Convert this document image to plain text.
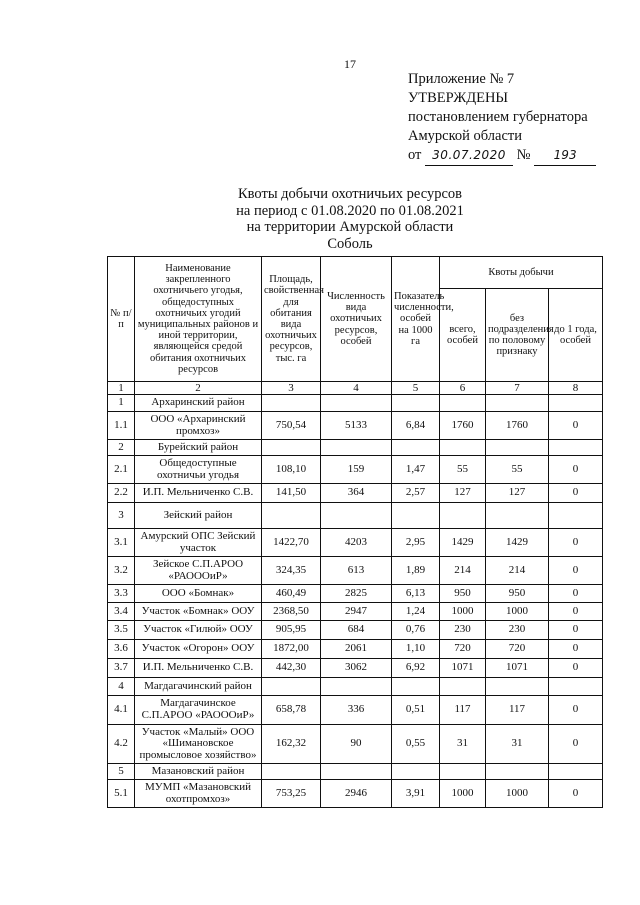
17
Приложение № 7
УТВЕРЖДЕНЫ
постановлением губернатора
Амурской области
от 30.07.2020 № 193
Квоты добычи охотничьих ресурсов
на период с 01.08.2020 по 01.08.2021
на территории Амурской области
Соболь
№ п/п	Наименование закрепленного охотничьего угодья, общедоступных охотничьих угодий муниципальных районов и иной территории, являющейся средой обитания охотничьих ресурсов	Площадь, свойственная для обитания вида охотничьих ресурсов, тыс. га	Численность вида охотничьих ресурсов, особей	Показатель численности, особей на 1000 га	Квоты добычи		
					всего, особей	без подразделения по половому признаку	до 1 года, особей
1	2	3	4	5	6	7	8
1	Архаринский район						
1.1	ООО «Архаринский промхоз»	750,54	5133	6,84	1760	1760	0
2	Бурейский район						
2.1	Общедоступные охотничьи угодья	108,10	159	1,47	55	55	0
2.2	И.П. Мельниченко С.В.	141,50	364	2,57	127	127	0
3	Зейский район						
3.1	Амурский ОПС Зейский участок	1422,70	4203	2,95	1429	1429	0
3.2	Зейское С.П.АРОО «РАОООиР»	324,35	613	1,89	214	214	0
3.3	ООО «Бомнак»	460,49	2825	6,13	950	950	0
3.4	Участок «Бомнак» ООУ	2368,50	2947	1,24	1000	1000	0
3.5	Участок «Гилюй» ООУ	905,95	684	0,76	230	230	0
3.6	Участок «Огорон» ООУ	1872,00	2061	1,10	720	720	0
3.7	И.П. Мельниченко С.В.	442,30	3062	6,92	1071	1071	0
4	Магдагачинский район						
4.1	Магдагачинское С.П.АРОО «РАОООиР»	658,78	336	0,51	117	117	0
4.2	Участок «Малый» ООО «Шимановское промысловое хозяйство»	162,32	90	0,55	31	31	0
5	Мазановский район						
5.1	МУМП «Мазановский охотпромхоз»	753,25	2946	3,91	1000	1000	0
